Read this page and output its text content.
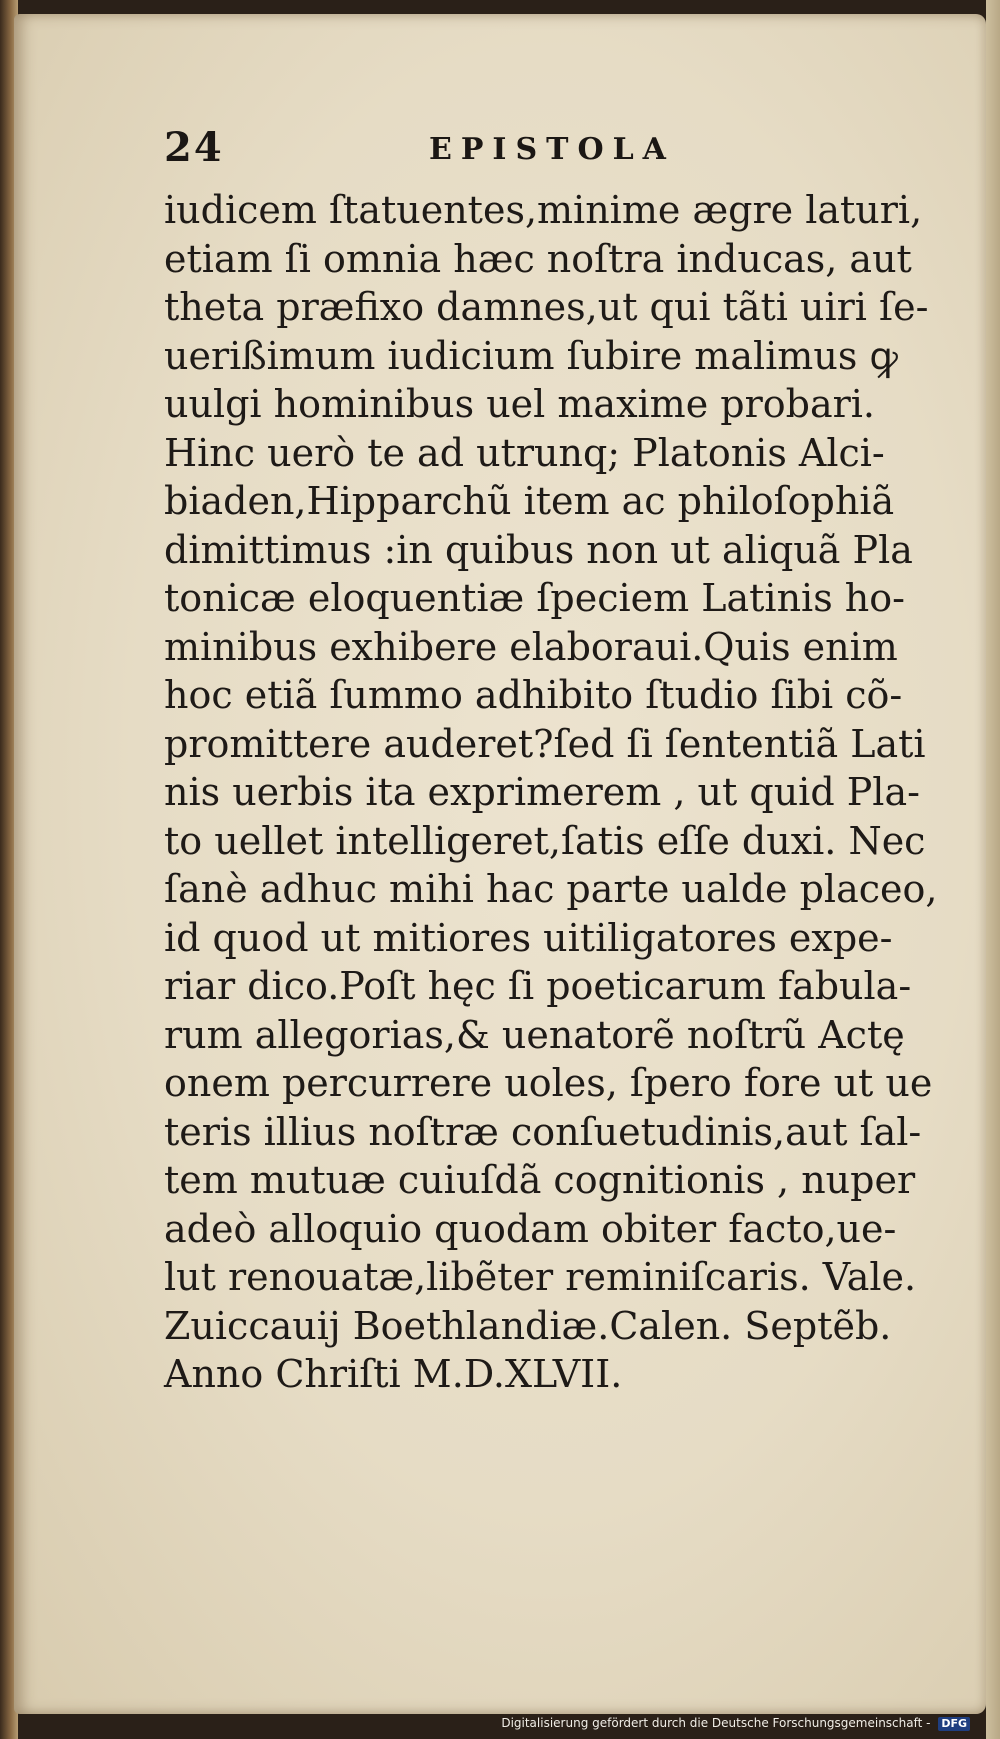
24	EPISTOLA
iudicem ſtatuentes,minime ægre laturi,
etiam ſi omnia hæc noſtra inducas, aut
theta præfixo damnes,ut qui tãti uiri ſe-
uerißimum iudicium ſubire malimus ꝙ
uulgi hominibus uel maxime probari.
Hinc uerò te ad utrunq; Platonis Alci-
biaden,Hipparchũ item ac philoſophiã
dimittimus :in quibus non ut aliquã Pla
tonicæ eloquentiæ ſpeciem Latinis ho-
minibus exhibere elaboraui.Quis enim
hoc etiã ſummo adhibito ſtudio ſibi cõ-
promittere auderet?ſed ſi ſententiã Lati
nis uerbis ita exprimerem , ut quid Pla-
to uellet intelligeret,ſatis eſſe duxi. Nec
ſanè adhuc mihi hac parte ualde placeo,
id quod ut mitiores uitiligatores expe-
riar dico.Poſt hęc ſi poeticarum fabula-
rum allegorias,& uenatorẽ noſtrũ Actę
onem percurrere uoles, ſpero fore ut ue
teris illius noſtræ conſuetudinis,aut ſal-
tem mutuæ cuiuſdã cognitionis , nuper
adeò alloquio quodam obiter facto,ue-
lut renouatæ,libẽter reminiſcaris. Vale.
Zuiccauij Boethlandiæ.Calen. Septẽb.
Anno Chriſti M.D.XLVII.
Digitalisierung gefördert durch die Deutsche Forschungsgemeinschaft - DFG
